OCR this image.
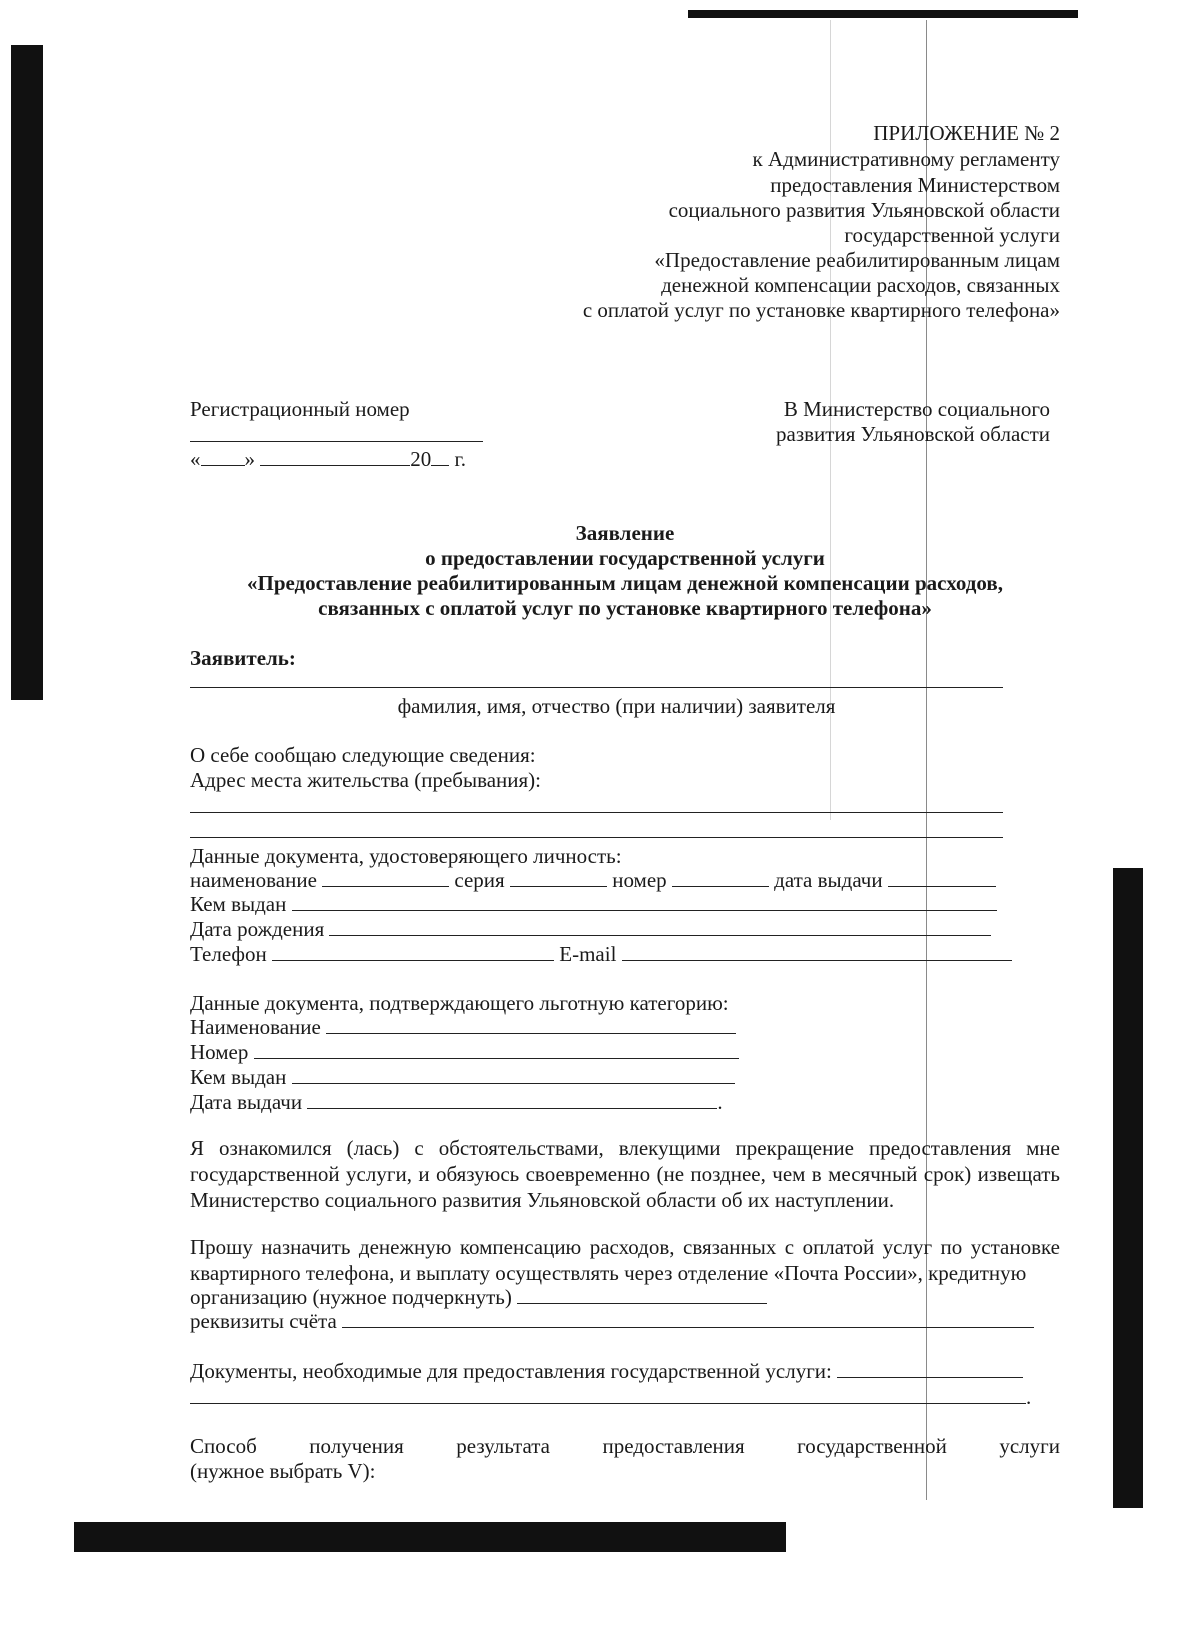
ПРИЛОЖЕНИЕ № 2
к Административному регламенту
предоставления Министерством
социального развития Ульяновской области
государственной услуги
«Предоставление реабилитированным лицам
денежной компенсации расходов, связанных
с оплатой услуг по установке квартирного телефона»
Регистрационный номер
« »	20 г.
В Министерство социального
развития Ульяновской области
Заявление
о предоставлении государственной услуги
«Предоставление реабилитированным лицам денежной компенсации расходов,
связанных с оплатой услуг по установке квартирного телефона»
Заявитель:
фамилия, имя, отчество (при наличии) заявителя
О себе сообщаю следующие сведения:
Адрес места жительства (пребывания):
Данные документа, удостоверяющего личность:
наименование	серия	номер	дата выдачи
Кем выдан
Дата рождения
Телефон	E-mail
Данные документа, подтверждающего льготную категорию:
Наименование
Номер
Кем выдан
Дата выдачи	.
Я ознакомился (лась) с обстоятельствами, влекущими прекращение предоставления мне государственной услуги, и обязуюсь своевременно (не позднее, чем в месячный срок) извещать Министерство социального развития Ульяновской области об их наступлении.
Прошу назначить денежную компенсацию расходов, связанных с оплатой услуг по установке квартирного телефона, и выплату осуществлять через отделение «Почта России», кредитную
организацию (нужное подчеркнуть)
реквизиты счёта
Документы, необходимые для предоставления государственной услуги:
.
Способ получения результата предоставления государственной услуги
(нужное выбрать V):
